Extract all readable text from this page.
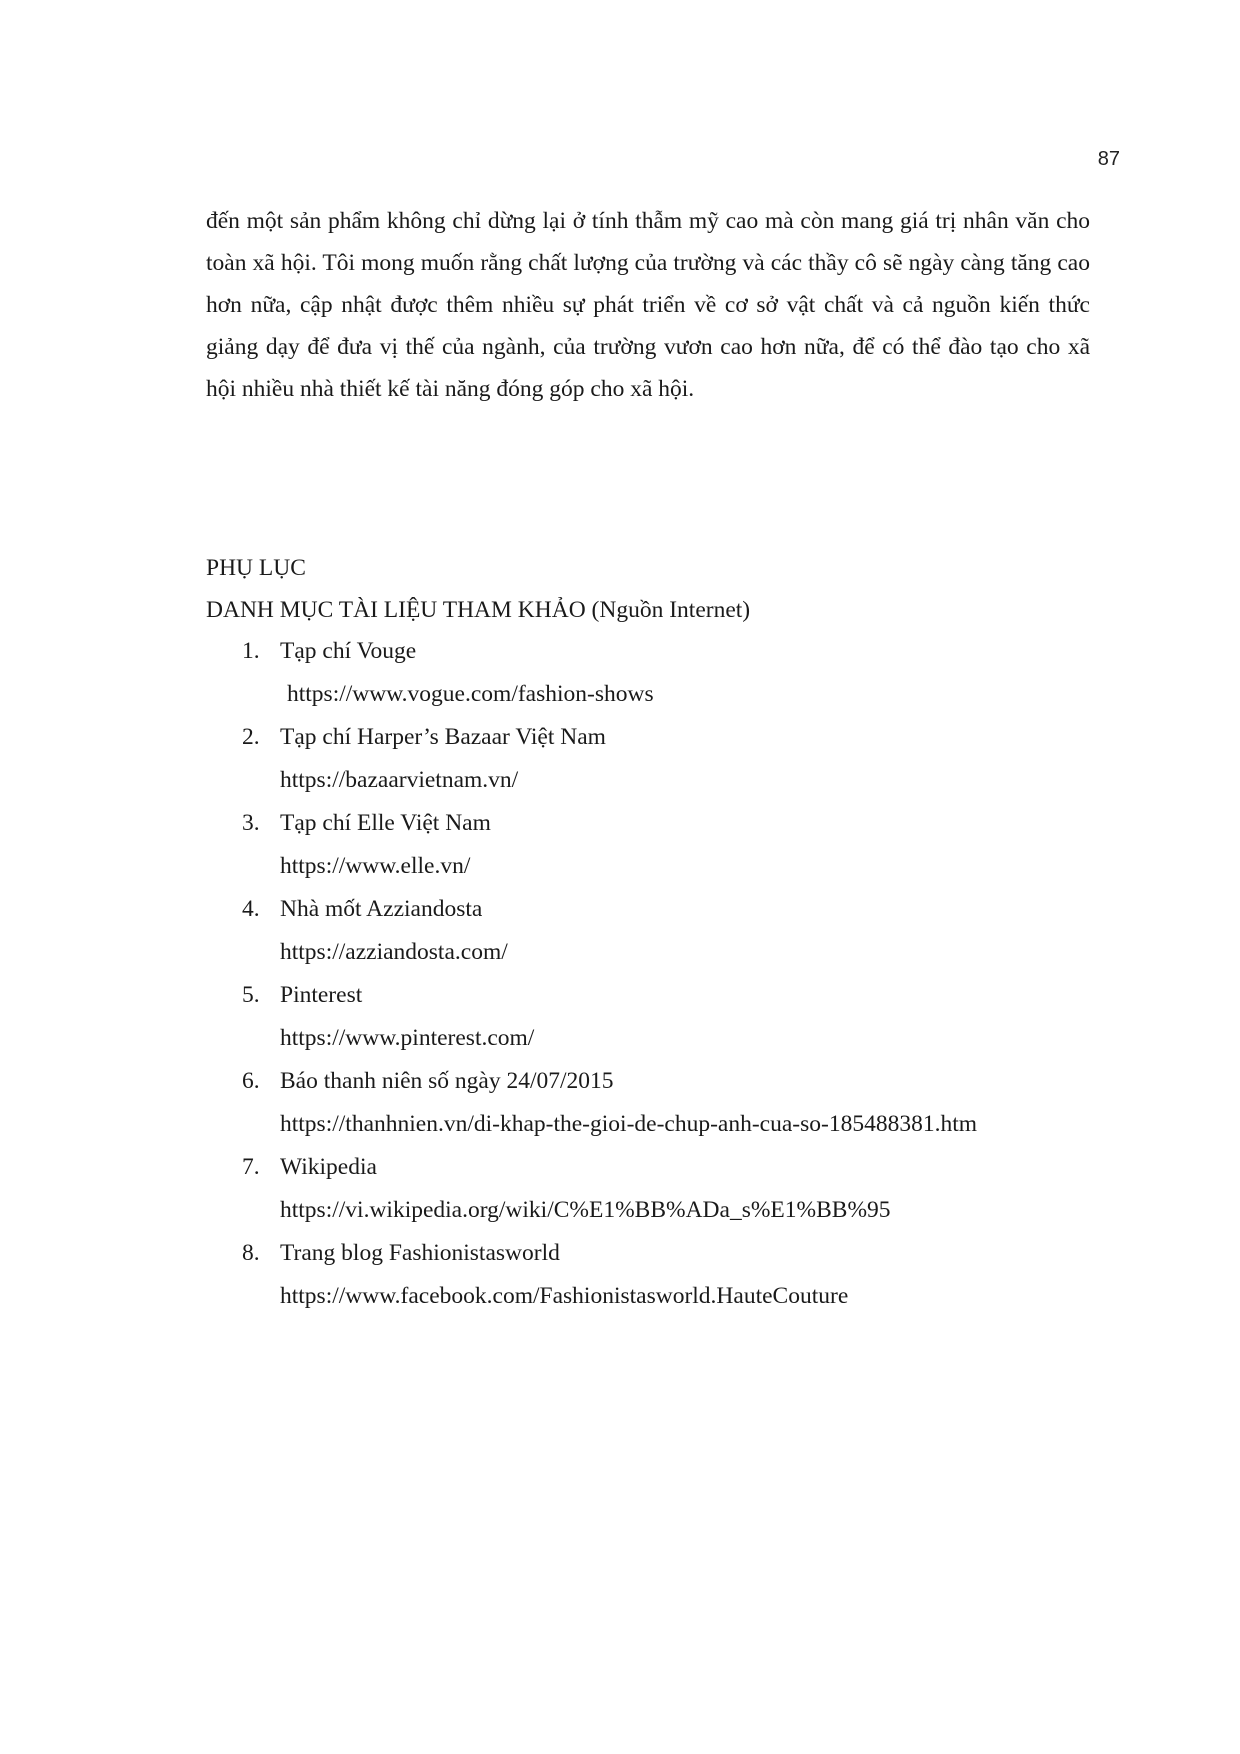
87

đến một sản phẩm không chỉ dừng lại ở tính thẫm mỹ cao mà còn mang giá trị nhân văn cho toàn xã hội. Tôi mong muốn rằng chất lượng của trường và các thầy cô sẽ ngày càng tăng cao hơn nữa, cập nhật được thêm nhiều sự phát triển về cơ sở vật chất và cả nguồn kiến thức giảng dạy để đưa vị thế của ngành, của trường vươn cao hơn nữa, để có thể đào tạo cho xã hội nhiều nhà thiết kế tài năng đóng góp cho xã hội.

PHỤ LỤC
DANH MỤC TÀI LIỆU THAM KHẢO (Nguồn Internet)
1. Tạp chí Vouge
https://www.vogue.com/fashion-shows
2. Tạp chí Harper’s Bazaar Việt Nam
https://bazaarvietnam.vn/
3. Tạp chí Elle Việt Nam
https://www.elle.vn/
4. Nhà mốt Azziandosta
https://azziandosta.com/
5. Pinterest
https://www.pinterest.com/
6. Báo thanh niên số ngày 24/07/2015
https://thanhnien.vn/di-khap-the-gioi-de-chup-anh-cua-so-185488381.htm
7. Wikipedia
https://vi.wikipedia.org/wiki/C%E1%BB%ADa_s%E1%BB%95
8. Trang blog Fashionistasworld
https://www.facebook.com/Fashionistasworld.HauteCouture
